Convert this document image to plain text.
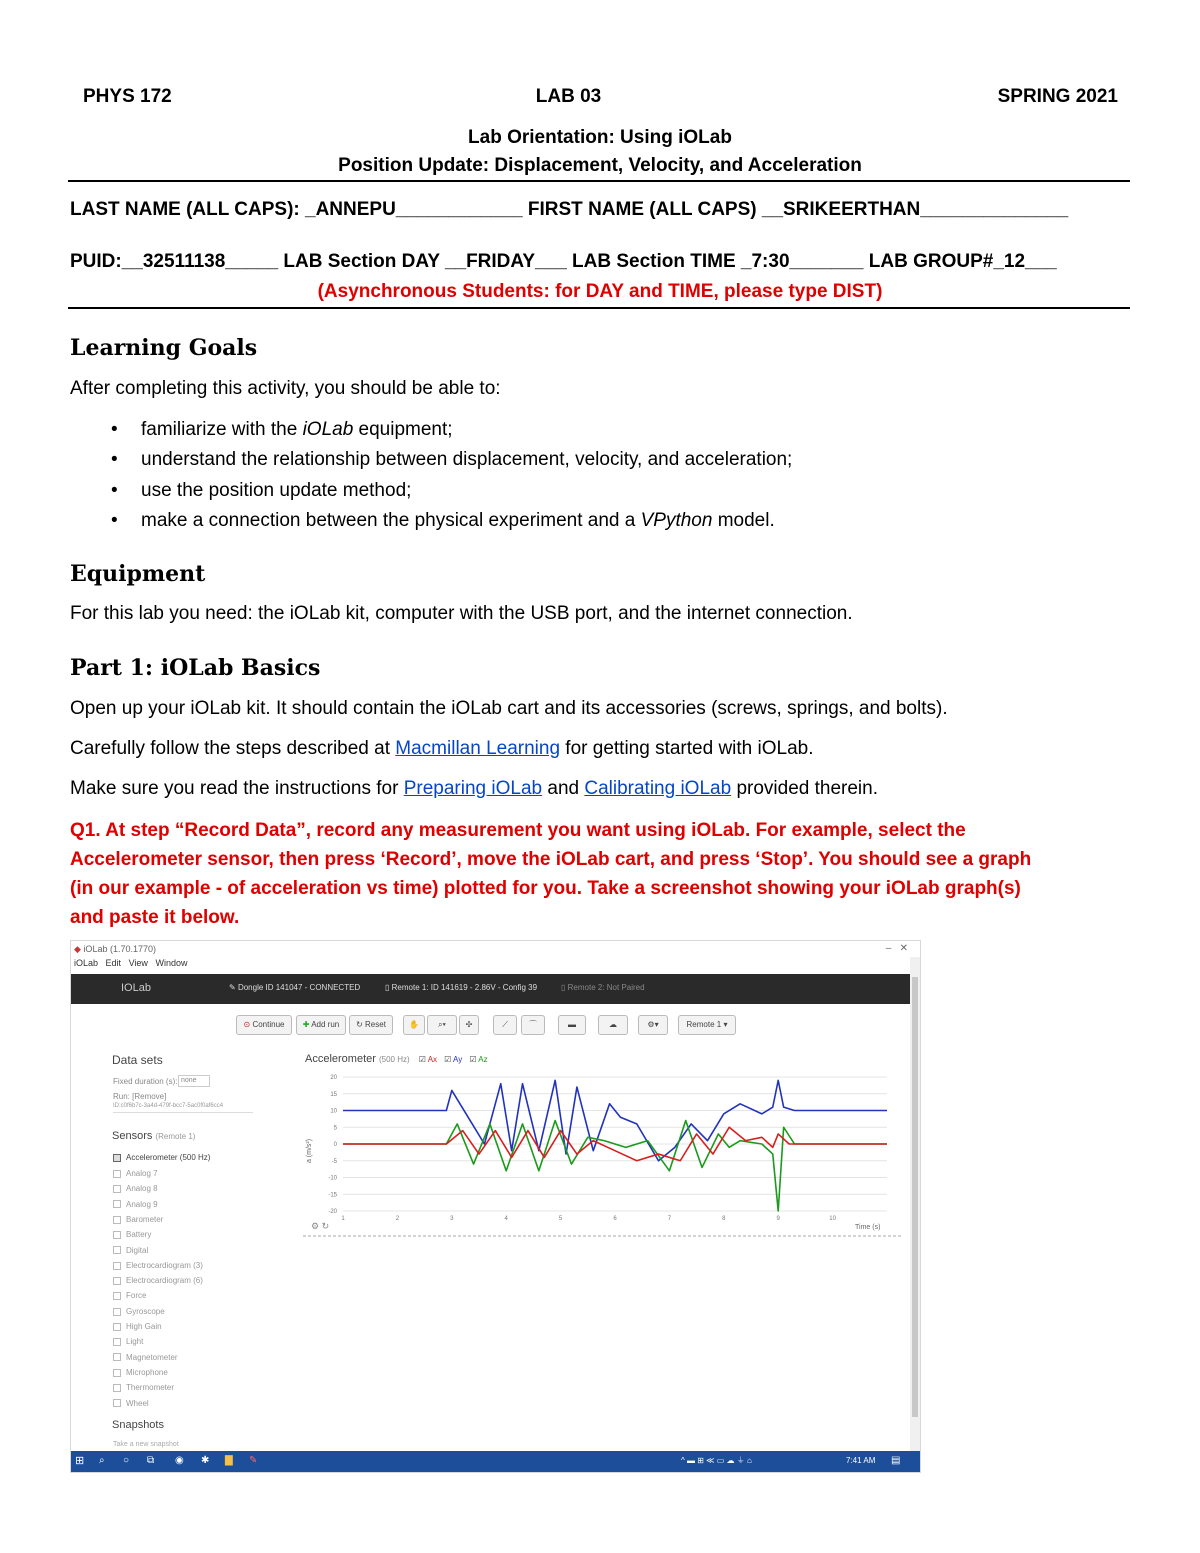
PHYS 172	LAB 03	SPRING 2021
Lab Orientation: Using iOLab
Position Update: Displacement, Velocity, and Acceleration
LAST NAME (ALL CAPS): _ANNEPU____________ FIRST NAME (ALL CAPS) __SRIKEERTHAN______________
PUID:__32511138_____ LAB Section DAY __FRIDAY___ LAB Section TIME _7:30_______ LAB GROUP#_12___
(Asynchronous Students: for DAY and TIME, please type DIST)
Learning Goals
After completing this activity, you should be able to:
• familiarize with the iOLab equipment;
• understand the relationship between displacement, velocity, and acceleration;
• use the position update method;
• make a connection between the physical experiment and a VPython model.
Equipment
For this lab you need: the iOLab kit, computer with the USB port, and the internet connection.
Part 1: iOLab Basics
Open up your iOLab kit. It should contain the iOLab cart and its accessories (screws, springs, and bolts).
Carefully follow the steps described at Macmillan Learning for getting started with iOLab.
Make sure you read the instructions for Preparing iOLab and Calibrating iOLab provided therein.
Q1. At step “Record Data”, record any measurement you want using iOLab. For example, select the
Accelerometer sensor, then press ‘Record’, move the iOLab cart, and press ‘Stop’. You should see a graph
(in our example - of acceleration vs time) plotted for you. Take a screenshot showing your iOLab graph(s)
and paste it below.
◆ iOLab (1.70.1770)	–   ✕
iOLab Edit View Window
IOLab	✎ Dongle ID 141047 - CONNECTED	▯ Remote 1: ID 141619 - 2.86V - Config 39	▯ Remote 2: Not Paired
⊙ Continue	✚ Add run	↻ Reset	✋	⌕▾	✣	⟋	⌒	▬	☁	⚙▾	Remote 1 ▾
Data sets
Fixed duration (s): none
Run: [Remove]
ID:c0f6b7c-3a4d-479f-bcc7-5ac0f0af6cc4
Sensors (Remote 1)
Accelerometer (500 Hz)
Analog 7
Analog 8
Analog 9
Barometer
Battery
Digital
Electrocardiogram (3)
Electrocardiogram (6)
Force
Gyroscope
High Gain
Light
Magnetometer
Microphone
Thermometer
Wheel
Snapshots
Take a new snapshot
Accelerometer (500 Hz) ☑ Ax ☑ Ay ☑ Az
20
15
10
5
0
-5
-10
-15
-20
1	2	3	4	5	6	7	8	9	10
a (m/s²)
Time (s)
⚙ ↻
⊞ ⌕ ○ ⧉ ◉ ✱ ▇ ✎	^ ▬ ⊞ ≪ ▭ ☁ ⏚ ⌂	7:41 AM ▤
